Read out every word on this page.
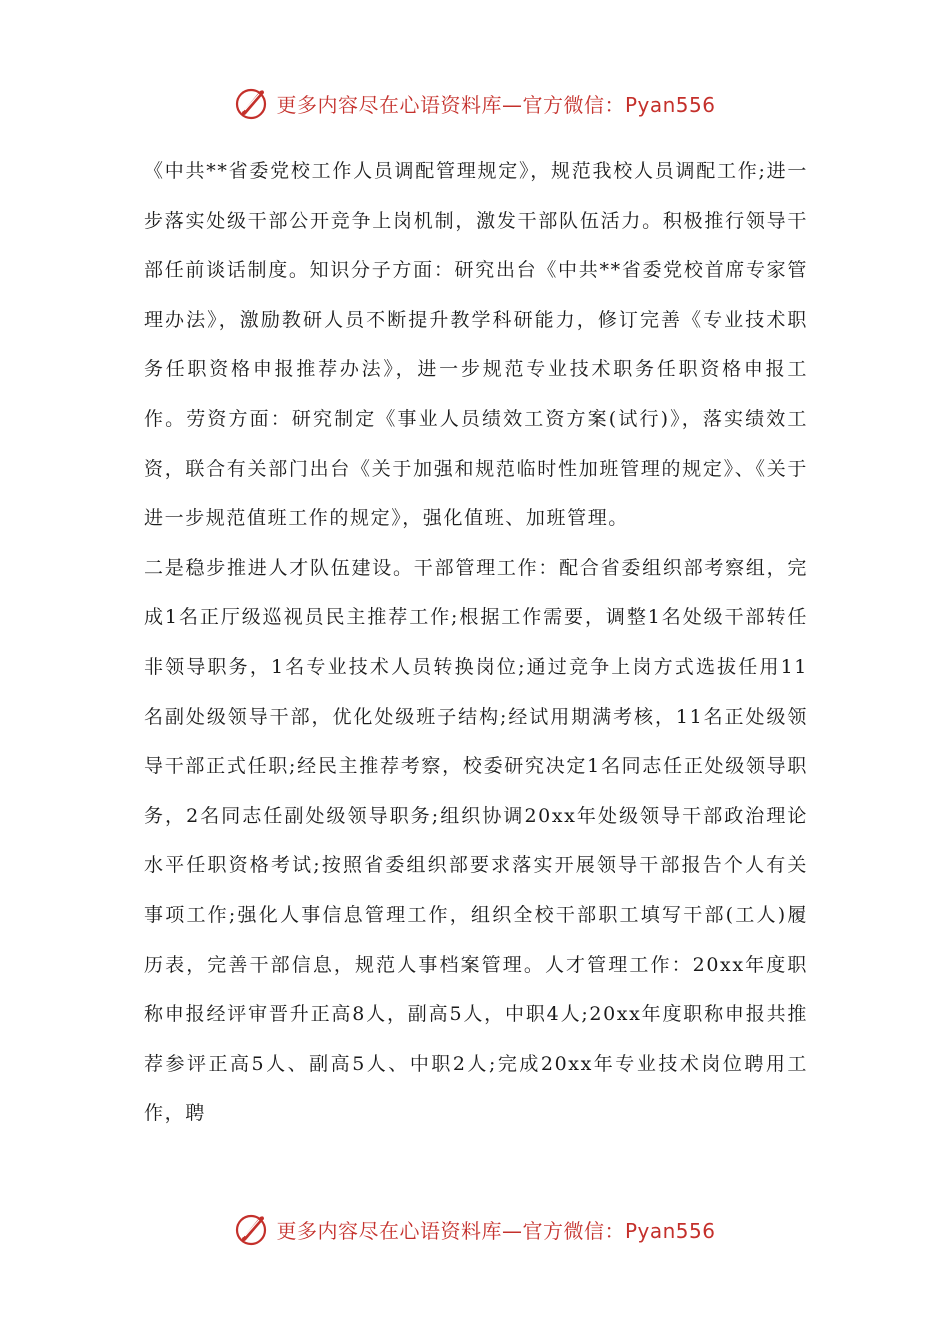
更多内容尽在心语资料库—官方微信：Pyan556

《中共**省委党校工作人员调配管理规定》，规范我校人员调配工作;进一步落实处级干部公开竞争上岗机制，激发干部队伍活力。积极推行领导干部任前谈话制度。知识分子方面：研究出台《中共**省委党校首席专家管理办法》，激励教研人员不断提升教学科研能力，修订完善《专业技术职务任职资格申报推荐办法》，进一步规范专业技术职务任职资格申报工作。劳资方面：研究制定《事业人员绩效工资方案(试行)》，落实绩效工资，联合有关部门出台《关于加强和规范临时性加班管理的规定》、《关于进一步规范值班工作的规定》，强化值班、加班管理。

二是稳步推进人才队伍建设。干部管理工作：配合省委组织部考察组，完成1名正厅级巡视员民主推荐工作;根据工作需要，调整1名处级干部转任非领导职务，1名专业技术人员转换岗位;通过竞争上岗方式选拔任用11名副处级领导干部，优化处级班子结构;经试用期满考核，11名正处级领导干部正式任职;经民主推荐考察，校委研究决定1名同志任正处级领导职务，2名同志任副处级领导职务;组织协调20xx年处级领导干部政治理论水平任职资格考试;按照省委组织部要求落实开展领导干部报告个人有关事项工作;强化人事信息管理工作，组织全校干部职工填写干部(工人)履历表，完善干部信息，规范人事档案管理。人才管理工作：20xx年度职称申报经评审晋升正高8人，副高5人，中职4人;20xx年度职称申报共推荐参评正高5人、副高5人、中职2人;完成20xx年专业技术岗位聘用工作，聘

更多内容尽在心语资料库—官方微信：Pyan556
